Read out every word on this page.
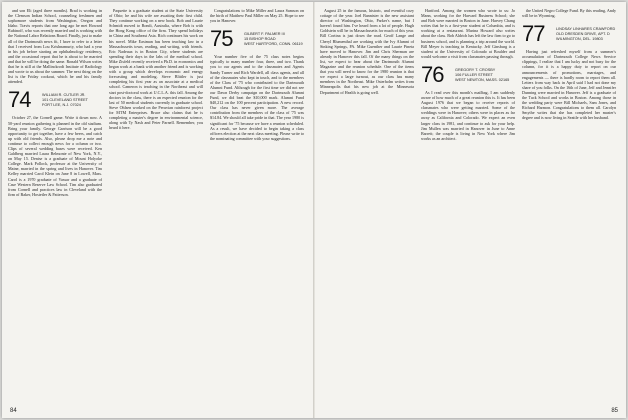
and son Eli (aged three months). Brad is working in the Clemson Indian School, counseling freshmen and sophomore students from Washington, Oregon and Idaho. Travis reports that one long ago he met Howard Rubinoff, who was recently married and is working with the National Labor Relations Board. Finally, just to make all of the Dartmouth news fit, I have to refer to a letter that I received from Lou Krishnamurty, who had a year in his job before starting an ophthalmology residency, and the occasional report that he is about to be married and that he will be doing the same. Ronald Wilson writes that he is still at the Mallinckrodt Institute of Radiology and wrote to us about the summer. The next thing on the list is the Friday cookout, which he and his family attended.

74	WILLIAM R. CUTLER JR.
101 CLEVELAND STREET
FORT LEE, N.J. 07024

October 27, the Cornell game. Write it down now. A 50-yard reunion gathering is planned in the old stadium. Bring your family. George Garrison will be a good opportunity to get together, have a few beers, and catch up with old friends. Also, please drop me a note and continue to collect enough news for a column or two. Clips of several wedding bases were received. Ken Galdberg married Laura Belmonte of New York, N.Y., on May 15. Denise is a graduate of Mount Holyoke College. Mark Pollock, professor at the University of Maine, married in the spring and lives in Hanover. Tim Kelley married Carol Klein on June 8 in Lowell, Mass. Carol is a 1970 graduate of Vassar and a graduate of Case Western Reserve Law School. Tim also graduated from Cornell and practices law in Cleveland with the firm of Baker, Hostetler & Patterson.

Paquette is a graduate student at the State University of Ohio; he and his wife are awaiting their first child. They continue working on a new book. Bob and Laurie Schmidt moved to Bondi, Australia, where Bob is with the Hong Kong office of the firm. They spend holidays in China and Southeast Asia. Rich continues his work on his novel. Mike Eastman has been teaching law in a Massachusetts town, reading, and writing, with friends. Eric Nadeaux is in Boston City, where students are spending their days in the labs of the medical school. Mike Zisfeld recently received a Ph.D. in economics and began work at a bank with another friend and is working with a group which develops economic and energy forecasting and modeling. Steve Blittler is just completing his first year as an associate at a medical school. Cameron is teaching in the Northeast and will start post-doctoral work at U.C.L.A. this fall. Among the doctors in the class, there is an expected reunion for the last of 50 medical students currently in graduate school. Steve Ohlsen worked on the Peruvian rainforest project for MTM Enterprises. Bruce also claims that he is completing a master's degree in environmental science, along with Ty Nash and Peter Parnell. Remember, you heard it here.

Congratulations to Mike Miller and Laura Samson on the birth of Matthew Paul Miller on May 25. Hope to see you in Hanover.

75	GILBERT F. PALMER III
15 BISHOP ROAD
WEST HARTFORD, CONN. 06119

Your number five of the 75 class notes begins typically to many number four, three, and two. Thank you to our agents and to the classmates and Agents Sandy Turner and Rich Wardell, all class agents, and all of the classmates who kept in touch, and to the members of the Class of '75 who contributed to the Dartmouth Alumni Fund. Although for the first time we did not see our Dawn Derby campaign on the Dartmouth Alumni Fund, we did beat the $10,000 mark. Alumni Fund $40,212 on the 100 percent participation. A new record. Our class has never given more. The average contribution from the members of the class of '75 was $14.84. We should all take pride in that. The year 1980 is significant for '75 because we have a reunion scheduled. As a result, we have decided to begin taking a class officers election at the next class meeting. Please write to the nominating committee with your suggestions.

84

August 25 in the famous, historic, and eventful cozy cottage of the year. Joel Bannister is the new assistant director of Washington, Ohio, Parker's name, but I haven't found him. I've heard from a lot of people. Hugh Goldstein will be in Massachusetts for much of this year. Bill Cortina is just down the road. Geoff Lange and Cheryl Blumenthal are working with the Ivy Alumni of Sinking Springs, PA. Mike Guenther and Laurie Pineta have moved to Hanover. Jim and Chris Sherman are already in Hanover this fall. Of the many things on the list, we expect to hear about the Dartmouth Alumni Magazine and the reunion schedule. One of the items that you will need to know for the 1980 reunion is that we expect a large turnout, as our class has many members in the Northeast. Mike Osterholm writes from Minneapolis that his new job at the Minnesota Department of Health is going well.

Hartford. Among the women who wrote to us: Jo Mann, working for the Harvard Business School; she and Bob were married in Boston in June. Harvey Chang writes that he is a first-year student at Columbia, and is working at a restaurant. Marina Howard also writes about the class. Bob Aldrich has left the law firm to go to business school, and is planning a trip around the world. Bill Meyer is teaching in Kentucky. Jeff Ginsburg is a student at the University of Colorado at Boulder and would welcome a visit from classmates passing through.

76	GREGORY T. CROSBY
106 FULLER STREET
WEST NEWTON, MASS. 02165

As I read over this month's mailbag, I am suddenly aware of how much of a great reunion this is. It has been August 1976 that we began to receive reports of classmates who were getting married. Some of the weddings were in Hanover; others were in places as far away as California and Colorado. We expect an even larger class in 1981, and continue to ask for your help. Jim Mullen was married in Hanover in June to Anne Barrett; the couple is living in New York where Jim works as an architect.

the United Negro College Fund. By this reading, Andy will be in Wyoming.

77	LINDSAY LINHARES CRAWFORD
OLD DRESDEN DRIVE, APT. D
WILMINGTON, DEL. 19803

Having just refreshed myself from a summer's accumulation of Dartmouth College News Service clippings, I realize that I am lucky and not busy for the column, for it is a happy duty to report on our announcements of promotions, marriages, and engagements — there is hardly room to report them all. Letters from way back in April said I had not done my share of you folks. On the 16th of June, Jeff and Jennifer Dunning were married in Hanover. Jeff is a graduate of the Tuck School and works in Boston. Among those in the wedding party were Bill Michaels, Sam Jones, and Richard Harmon. Congratulations to them all. Carolyn Smythe writes that she has completed her master's degree and is now living in Seattle with her husband.

85
